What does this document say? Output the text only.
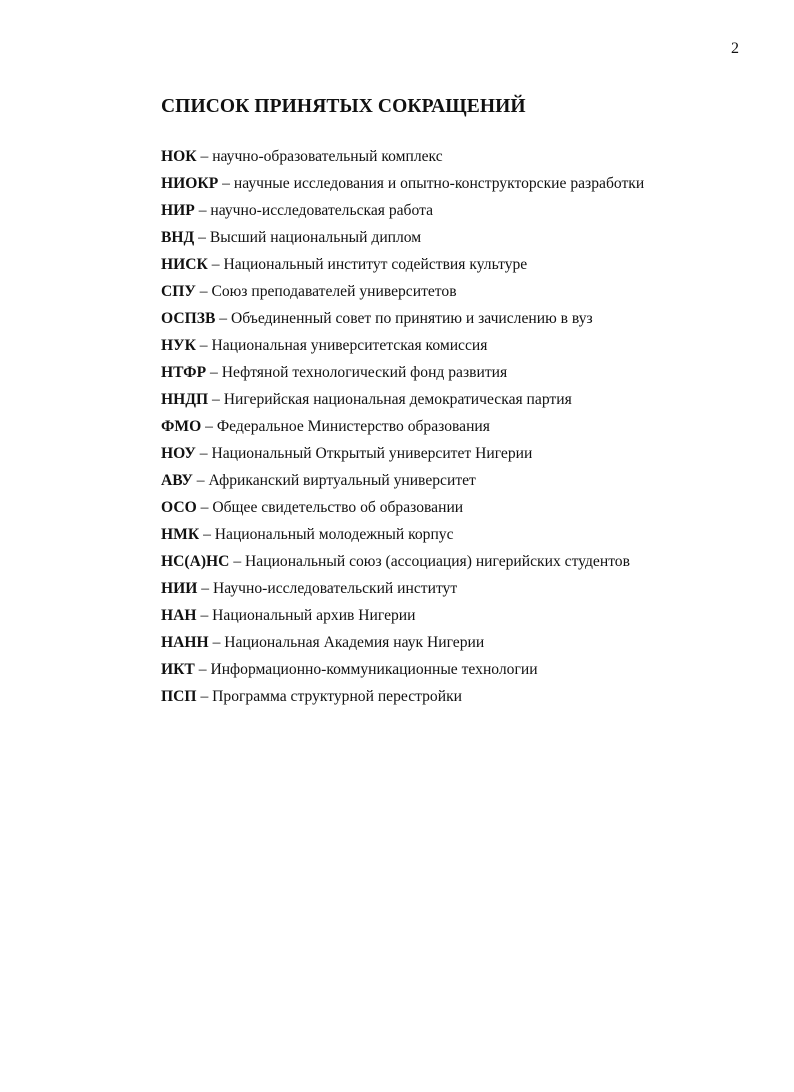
2
СПИСОК ПРИНЯТЫХ СОКРАЩЕНИЙ
НОК – научно-образовательный комплекс
НИОКР – научные исследования и опытно-конструкторские разработки
НИР – научно-исследовательская работа
ВНД – Высший национальный диплом
НИСК – Национальный институт содействия культуре
СПУ – Союз преподавателей университетов
ОСПЗВ – Объединенный совет по принятию и зачислению в вуз
НУК – Национальная университетская комиссия
НТФР – Нефтяной технологический фонд развития
ННДП – Нигерийская национальная демократическая партия
ФМО – Федеральное Министерство образования
НОУ – Национальный Открытый университет Нигерии
АВУ – Африканский виртуальный университет
ОСО – Общее свидетельство об образовании
НМК – Национальный молодежный корпус
НС(А)НС – Национальный союз (ассоциация) нигерийских студентов
НИИ – Научно-исследовательский институт
НАН – Национальный архив Нигерии
НАНН – Национальная Академия наук Нигерии
ИКТ – Информационно-коммуникационные технологии
ПСП – Программа структурной перестройки
